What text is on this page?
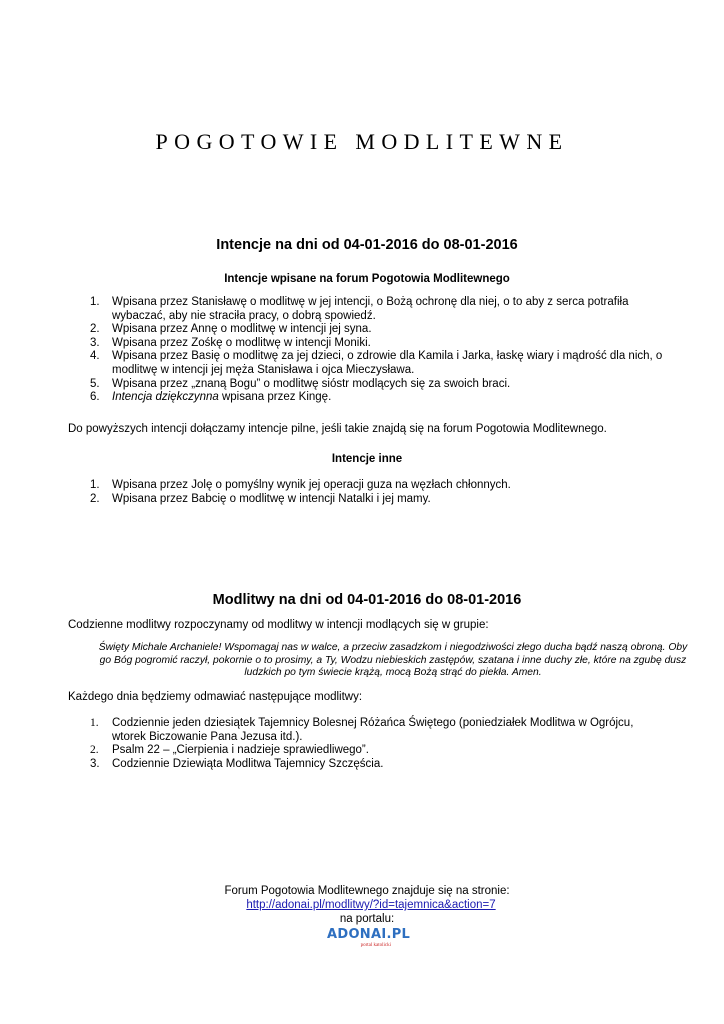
POGOTOWIE MODLITEWNE
Intencje na dni od 04-01-2016 do 08-01-2016
Intencje wpisane na forum Pogotowia Modlitewnego
1. Wpisana przez Stanisławę o modlitwę w jej intencji, o Bożą ochronę dla niej, o to aby z serca potrafiła wybaczać, aby nie straciła pracy, o dobrą spowiedź.
2. Wpisana przez Annę o modlitwę w intencji jej syna.
3. Wpisana przez Zośkę o modlitwę w intencji Moniki.
4. Wpisana przez Basię o modlitwę za jej dzieci, o zdrowie dla Kamila i Jarka, łaskę wiary i mądrość dla nich, o modlitwę w intencji jej męża Stanisława i ojca Mieczysława.
5. Wpisana przez „znaną Bogu” o modlitwę sióstr modlących się za swoich braci.
6. Intencja dziękczynna wpisana przez Kingę.

Do powyższych intencji dołączamy intencje pilne, jeśli takie znajdą się na forum Pogotowia Modlitewnego.

Intencje inne
1. Wpisana przez Jolę o pomyślny wynik jej operacji guza na węzłach chłonnych.
2. Wpisana przez Babcię o modlitwę w intencji Natalki i jej mamy.
Modlitwy na dni od 04-01-2016 do 08-01-2016

Codzienne modlitwy rozpoczynamy od modlitwy w intencji modlących się w grupie:

Święty Michale Archaniele! Wspomagaj nas w walce, a przeciw zasadzkom i niegodziwości złego ducha bądź naszą obroną. Oby go Bóg pogromić raczył, pokornie o to prosimy, a Ty, Wodzu niebieskich zastępów, szatana i inne duchy złe, które na zgubę dusz ludzkich po tym świecie krążą, mocą Bożą strąć do piekła. Amen.

Każdego dnia będziemy odmawiać następujące modlitwy:

1. Codziennie jeden dziesiątek Tajemnicy Bolesnej Różańca Świętego (poniedziałek Modlitwa w Ogrójcu, wtorek Biczowanie Pana Jezusa itd.).
2. Psalm 22 – „Cierpienia i nadzieje sprawiedliwego”.
3. Codziennie Dziewiąta Modlitwa Tajemnicy Szczęścia.
Forum Pogotowia Modlitewnego znajduje się na stronie:
http://adonai.pl/modlitwy/?id=tajemnica&action=7
na portalu:
ADONAI.PL
portal katolicki
